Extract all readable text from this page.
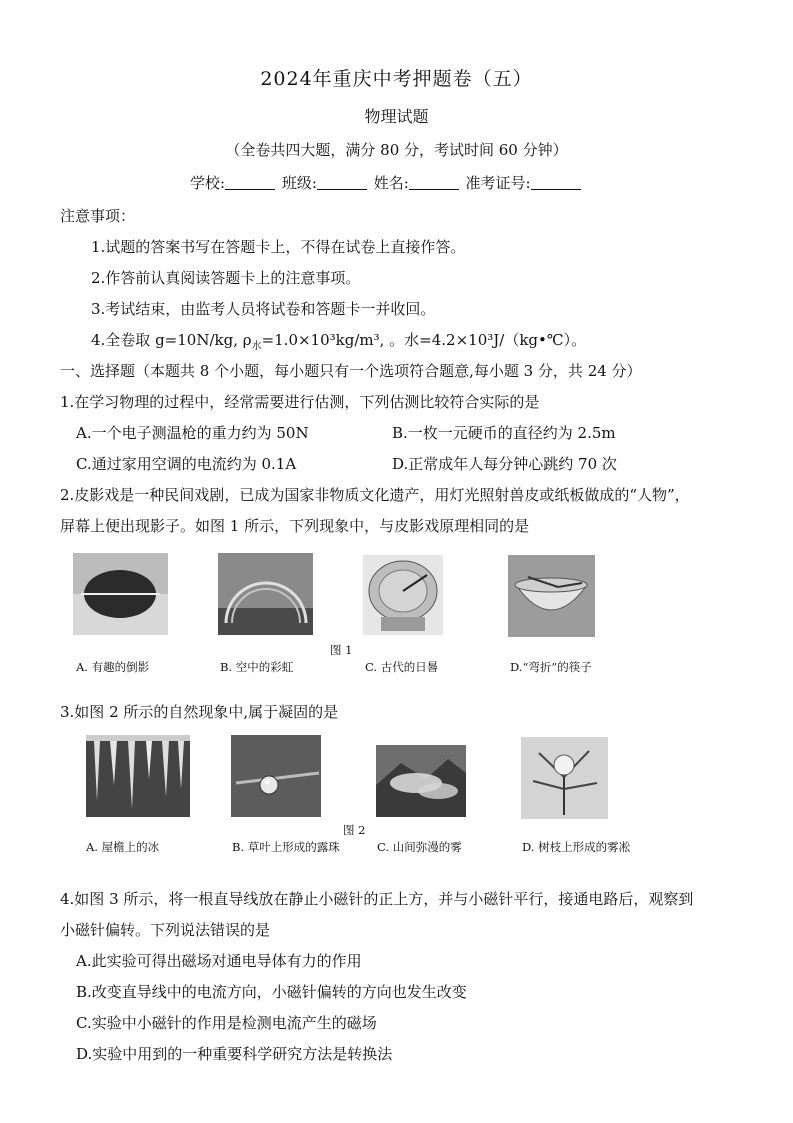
2024年重庆中考押题卷（五）
物理试题
（全卷共四大题，满分 80 分，考试时间 60 分钟）
学校:	班级:	姓名:	准考证号:
注意事项：
1.试题的答案书写在答题卡上，不得在试卷上直接作答。
2.作答前认真阅读答题卡上的注意事项。
3.考试结束，由监考人员将试卷和答题卡一并收回。
4.全卷取 g=10N/kg, $\rho_水=1.0\times 10^3kg/m^3$, 。水=4.2×10³J/（kg•℃）。
一、选择题（本题共 8 个小题，每小题只有一个选项符合题意,每小题 3 分，共 24 分）
1.在学习物理的过程中，经常需要进行估测，下列估测比较符合实际的是
A.一个电子测温枪的重力约为 50N	B.一枚一元硬币的直径约为 2.5m
C.通过家用空调的电流约为 0.1A	D.正常成年人每分钟心跳约 70 次
2.皮影戏是一种民间戏剧，已成为国家非物质文化遗产，用灯光照射兽皮或纸板做成的“人物”，
屏幕上便出现影子。如图 1 所示，下列现象中，与皮影戏原理相同的是
图 1
A. 有趣的倒影	B. 空中的彩虹	C. 古代的日晷	D.“弯折”的筷子
3.如图 2 所示的自然现象中,属于凝固的是
图 2
A. 屋檐上的冰	B. 草叶上形成的露珠	C. 山间弥漫的雾	D. 树枝上形成的雾凇
4.如图 3 所示，将一根直导线放在静止小磁针的正上方，并与小磁针平行，接通电路后，观察到
小磁针偏转。下列说法错误的是
A.此实验可得出磁场对通电导体有力的作用
B.改变直导线中的电流方向，小磁针偏转的方向也发生改变
C.实验中小磁针的作用是检测电流产生的磁场
D.实验中用到的一种重要科学研究方法是转换法
